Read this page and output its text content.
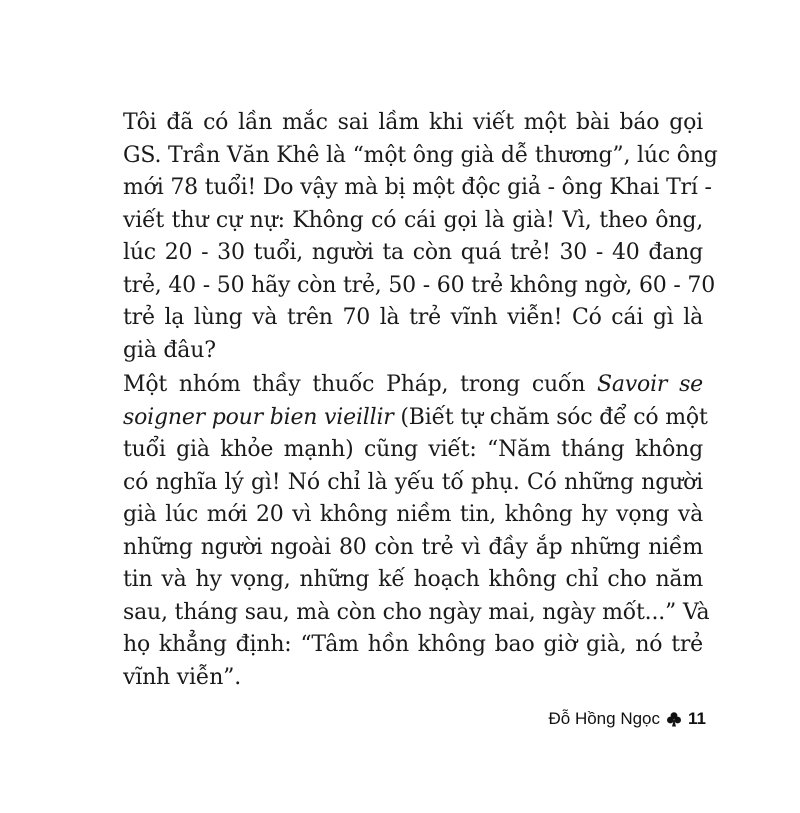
Tôi đã có lần mắc sai lầm khi viết một bài báo gọi
GS. Trần Văn Khê là “một ông già dễ thương”, lúc ông
mới 78 tuổi! Do vậy mà bị một độc giả - ông Khai Trí -
viết thư cự nự: Không có cái gọi là già! Vì, theo ông,
lúc 20 - 30 tuổi, người ta còn quá trẻ! 30 - 40 đang
trẻ, 40 - 50 hãy còn trẻ, 50 - 60 trẻ không ngờ, 60 - 70
trẻ lạ lùng và trên 70 là trẻ vĩnh viễn! Có cái gì là
già đâu?
Một nhóm thầy thuốc Pháp, trong cuốn Savoir se
soigner pour bien vieillir (Biết tự chăm sóc để có một
tuổi già khỏe mạnh) cũng viết: “Năm tháng không
có nghĩa lý gì! Nó chỉ là yếu tố phụ. Có những người
già lúc mới 20 vì không niềm tin, không hy vọng và
những người ngoài 80 còn trẻ vì đầy ắp những niềm
tin và hy vọng, những kế hoạch không chỉ cho năm
sau, tháng sau, mà còn cho ngày mai, ngày mốt...” Và
họ khẳng định: “Tâm hồn không bao giờ già, nó trẻ
vĩnh viễn”.
Đỗ Hồng Ngọc 11
